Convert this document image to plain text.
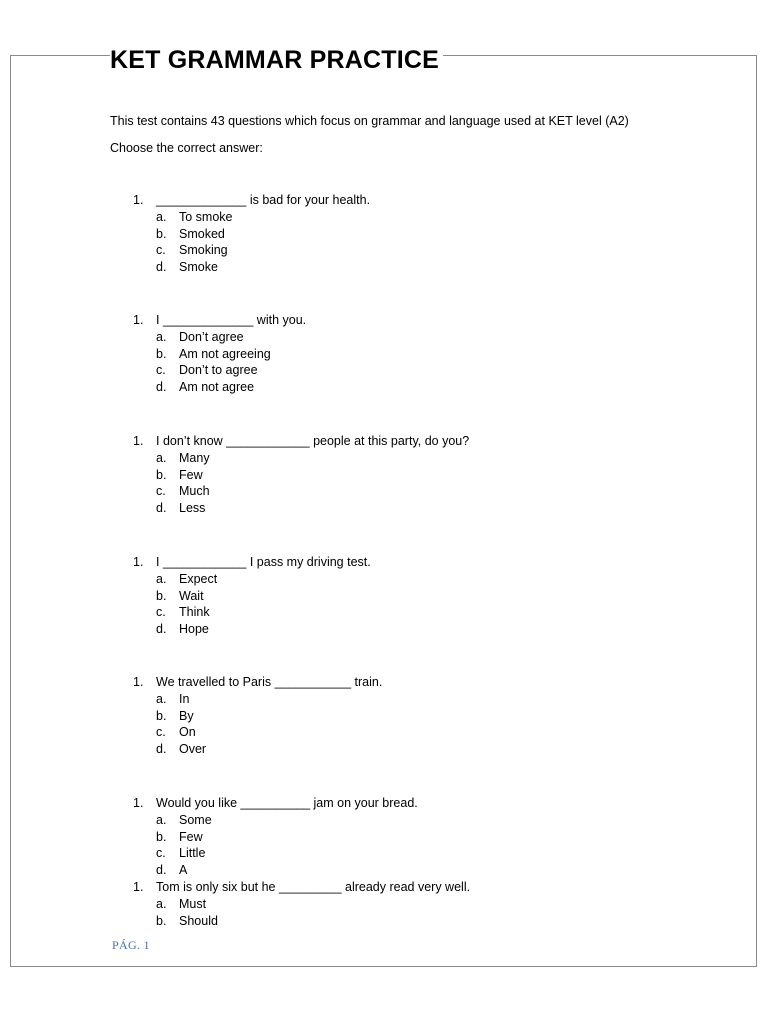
KET GRAMMAR PRACTICE
This test contains 43 questions which focus on grammar and language used at KET level (A2)
Choose the correct answer:
1. _____________ is bad for your health.
a. To smoke
b. Smoked
c. Smoking
d. Smoke
1. I _____________ with you.
a. Don’t agree
b. Am not agreeing
c. Don’t to agree
d. Am not agree
1. I don’t know ____________ people at this party, do you?
a. Many
b. Few
c. Much
d. Less
1. I ____________ I pass my driving test.
a. Expect
b. Wait
c. Think
d. Hope
1. We travelled to Paris ___________ train.
a. In
b. By
c. On
d. Over
1. Would you like __________ jam on your bread.
a. Some
b. Few
c. Little
d. A
1. Tom is only six but he _________ already read very well.
a. Must
b. Should
PÁG. 1
